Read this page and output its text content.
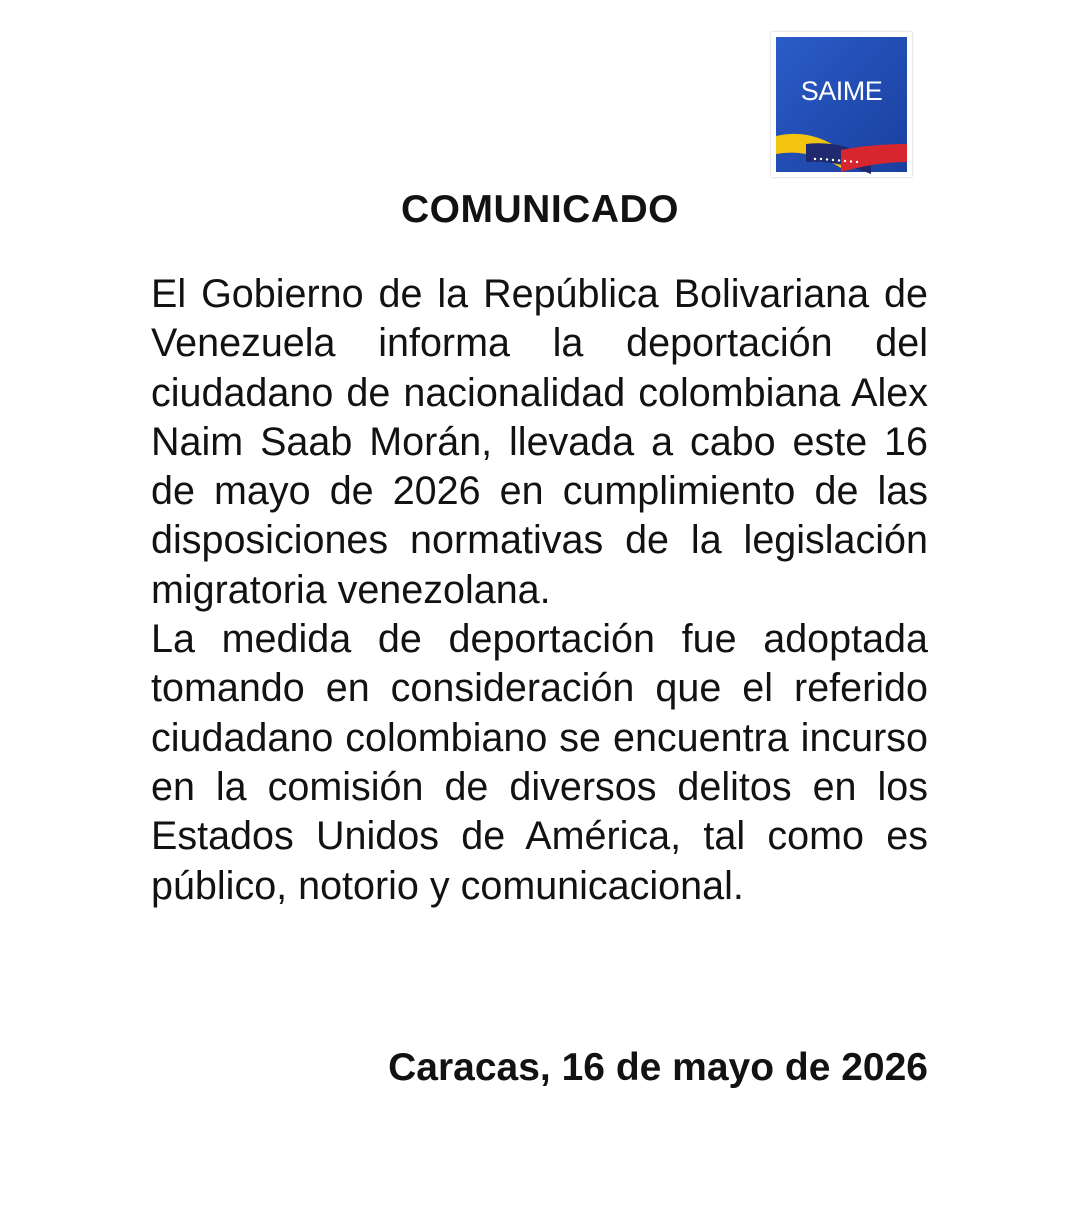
SAIME
COMUNICADO

El Gobierno de la República Bolivariana de Venezuela informa la deportación del ciudadano de nacionalidad colombiana Alex Naim Saab Morán, llevada a cabo este 16 de mayo de 2026 en cumplimiento de las disposiciones normativas de la legislación migratoria venezolana.

La medida de deportación fue adoptada tomando en consideración que el referido ciudadano colombiano se encuentra incurso en la comisión de diversos delitos en los Estados Unidos de América, tal como es público, notorio y comunicacional.

Caracas, 16 de mayo de 2026
